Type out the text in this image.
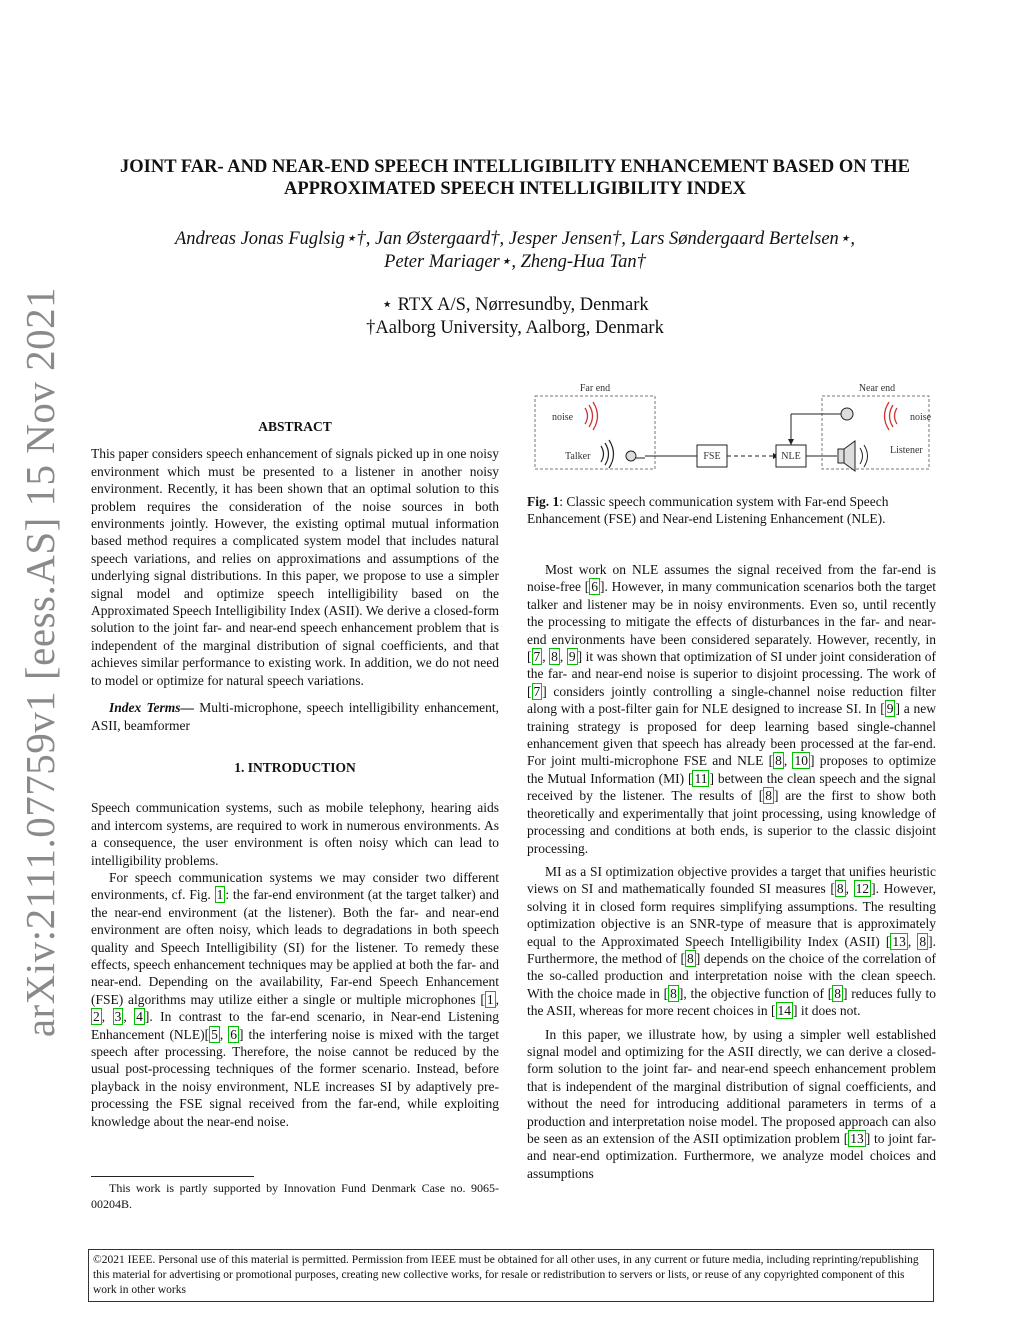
arXiv:2111.07759v1 [eess.AS] 15 Nov 2021
JOINT FAR- AND NEAR-END SPEECH INTELLIGIBILITY ENHANCEMENT BASED ON THE APPROXIMATED SPEECH INTELLIGIBILITY INDEX
Andreas Jonas Fuglsig⋆†, Jan Østergaard†, Jesper Jensen†, Lars Søndergaard Bertelsen⋆,
Peter Mariager⋆, Zheng-Hua Tan†
⋆ RTX A/S, Nørresundby, Denmark
†Aalborg University, Aalborg, Denmark

ABSTRACT

This paper considers speech enhancement of signals picked up in one noisy environment which must be presented to a listener in another noisy environment. Recently, it has been shown that an optimal solution to this problem requires the consideration of the noise sources in both environments jointly. However, the existing optimal mutual information based method requires a complicated system model that includes natural speech variations, and relies on approximations and assumptions of the underlying signal distributions. In this paper, we propose to use a simpler signal model and optimize speech intelligibility based on the Approximated Speech Intelligibility Index (ASII). We derive a closed-form solution to the joint far- and near-end speech enhancement problem that is independent of the marginal distribution of signal coefficients, and that achieves similar performance to existing work. In addition, we do not need to model or optimize for natural speech variations.

Index Terms— Multi-microphone, speech intelligibility enhancement, ASII, beamformer

1. INTRODUCTION

Speech communication systems, such as mobile telephony, hearing aids and intercom systems, are required to work in numerous environments. As a consequence, the user environment is often noisy which can lead to intelligibility problems.

For speech communication systems we may consider two different environments, cf. Fig. 1 : the far-end environment (at the target talker) and the near-end environment (at the listener). Both the far- and near-end environment are often noisy, which leads to degradations in both speech quality and Speech Intelligibility (SI) for the listener. To remedy these effects, speech enhancement techniques may be applied at both the far- and near-end. Depending on the availability, Far-end Speech Enhancement (FSE) algorithms may utilize either a single or multiple microphones [ 1 , 2 , 3 , 4 ]. In contrast to the far-end scenario, in Near-end Listening Enhancement (NLE)[ 5 , 6 ] the interfering noise is mixed with the target speech after processing. Therefore, the noise cannot be reduced by the usual post-processing techniques of the former scenario. Instead, before playback in the noisy environment, NLE increases SI by adaptively pre-processing the FSE signal received from the far-end, while exploiting knowledge about the near-end noise.

This work is partly supported by Innovation Fund Denmark Case no. 9065-00204B.
Far end
noise
Talker	FSE	NLE
Near end
noise
Listener
Fig. 1: Classic speech communication system with Far-end Speech Enhancement (FSE) and Near-end Listening Enhancement (NLE).

Most work on NLE assumes the signal received from the far-end is noise-free [ 6 ]. However, in many communication scenarios both the target talker and listener may be in noisy environments. Even so, until recently the processing to mitigate the effects of disturbances in the far- and near-end environments have been considered separately. However, recently, in [ 7 , 8 , 9 ] it was shown that optimization of SI under joint consideration of the far- and near-end noise is superior to disjoint processing. The work of [ 7 ] considers jointly controlling a single-channel noise reduction filter along with a post-filter gain for NLE designed to increase SI. In [ 9 ] a new training strategy is proposed for deep learning based single-channel enhancement given that speech has already been processed at the far-end. For joint multi-microphone FSE and NLE [ 8 , 10 ] proposes to optimize the Mutual Information (MI) [ 11 ] between the clean speech and the signal received by the listener. The results of [ 8 ] are the first to show both theoretically and experimentally that joint processing, using knowledge of processing and conditions at both ends, is superior to the classic disjoint processing.

MI as a SI optimization objective provides a target that unifies heuristic views on SI and mathematically founded SI measures [ 8 , 12 ]. However, solving it in closed form requires simplifying assumptions. The resulting optimization objective is an SNR-type of measure that is approximately equal to the Approximated Speech Intelligibility Index (ASII) [ 13 , 8 ]. Furthermore, the method of [ 8 ] depends on the choice of the correlation of the so-called production and interpretation noise with the clean speech. With the choice made in [ 8 ], the objective function of [ 8 ] reduces fully to the ASII, whereas for more recent choices in [ 14 ] it does not.

In this paper, we illustrate how, by using a simpler well established signal model and optimizing for the ASII directly, we can derive a closed-form solution to the joint far- and near-end speech enhancement problem that is independent of the marginal distribution of signal coefficients, and without the need for introducing additional parameters in terms of a production and interpretation noise model. The proposed approach can also be seen as an extension of the ASII optimization problem [ 13 ] to joint far- and near-end optimization. Furthermore, we analyze model choices and assumptions

©2021 IEEE. Personal use of this material is permitted. Permission from IEEE must be obtained for all other uses, in any current or future media, including reprinting/republishing this material for advertising or promotional purposes, creating new collective works, for resale or redistribution to servers or lists, or reuse of any copyrighted component of this work in other works
